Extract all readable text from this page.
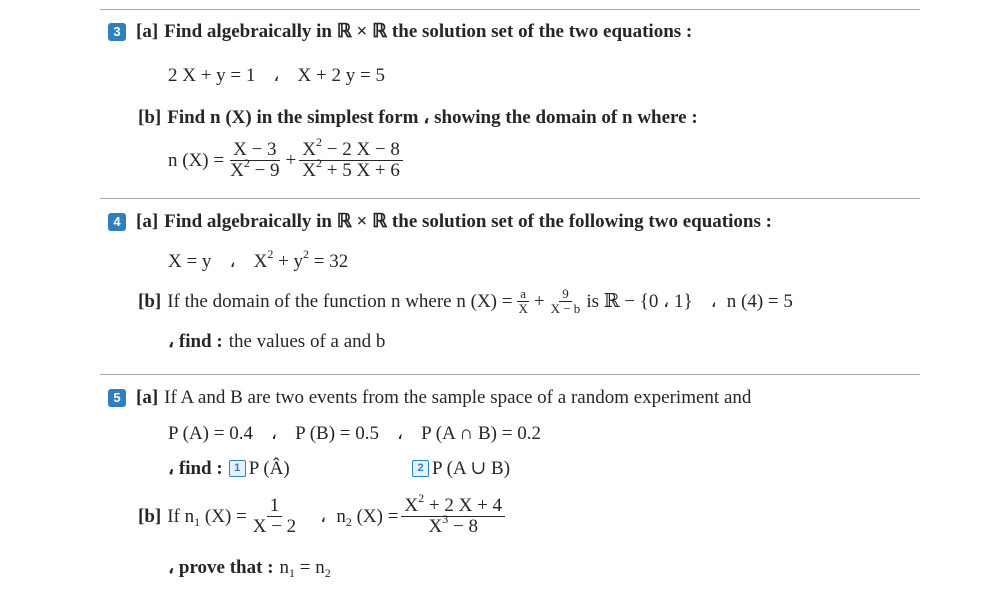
3 [a] Find algebraically in ℝ × ℝ the solution set of the two equations :
2 X + y = 1 ، X + 2 y = 5
[b] Find n (X) in the simplest form ، showing the domain of n where :
n $(X) = \frac{X - 3}{X^2 - 9} + \frac{X^2 - 2 X - 8}{X^2 + 5 X + 6}$
4 [a] Find algebraically in ℝ × ℝ the solution set of the following two equations :
X = y ، $X^2 + y^2 = 32$
[b] If the domain of the function n where n $(X) = \frac{a}{X} + \frac{9}{X - b}$ is ℝ − {0 ، 1} ، n (4) = 5
، find : the values of a and b
5 [a] If A and B are two events from the sample space of a random experiment and
P (A) = 0.4 ، P (B) = 0.5 ، P (A ∩ B) = 0.2
، find :	1 P (Â)	2 P (A ∪ B)
[b] If $n_1$ $(X) = \frac{1}{X - 2}$ ، $n_2$ $(X) = \frac{X^2 + 2 X + 4}{X^3 - 8}$
، prove that : $n_1 = n_2$
